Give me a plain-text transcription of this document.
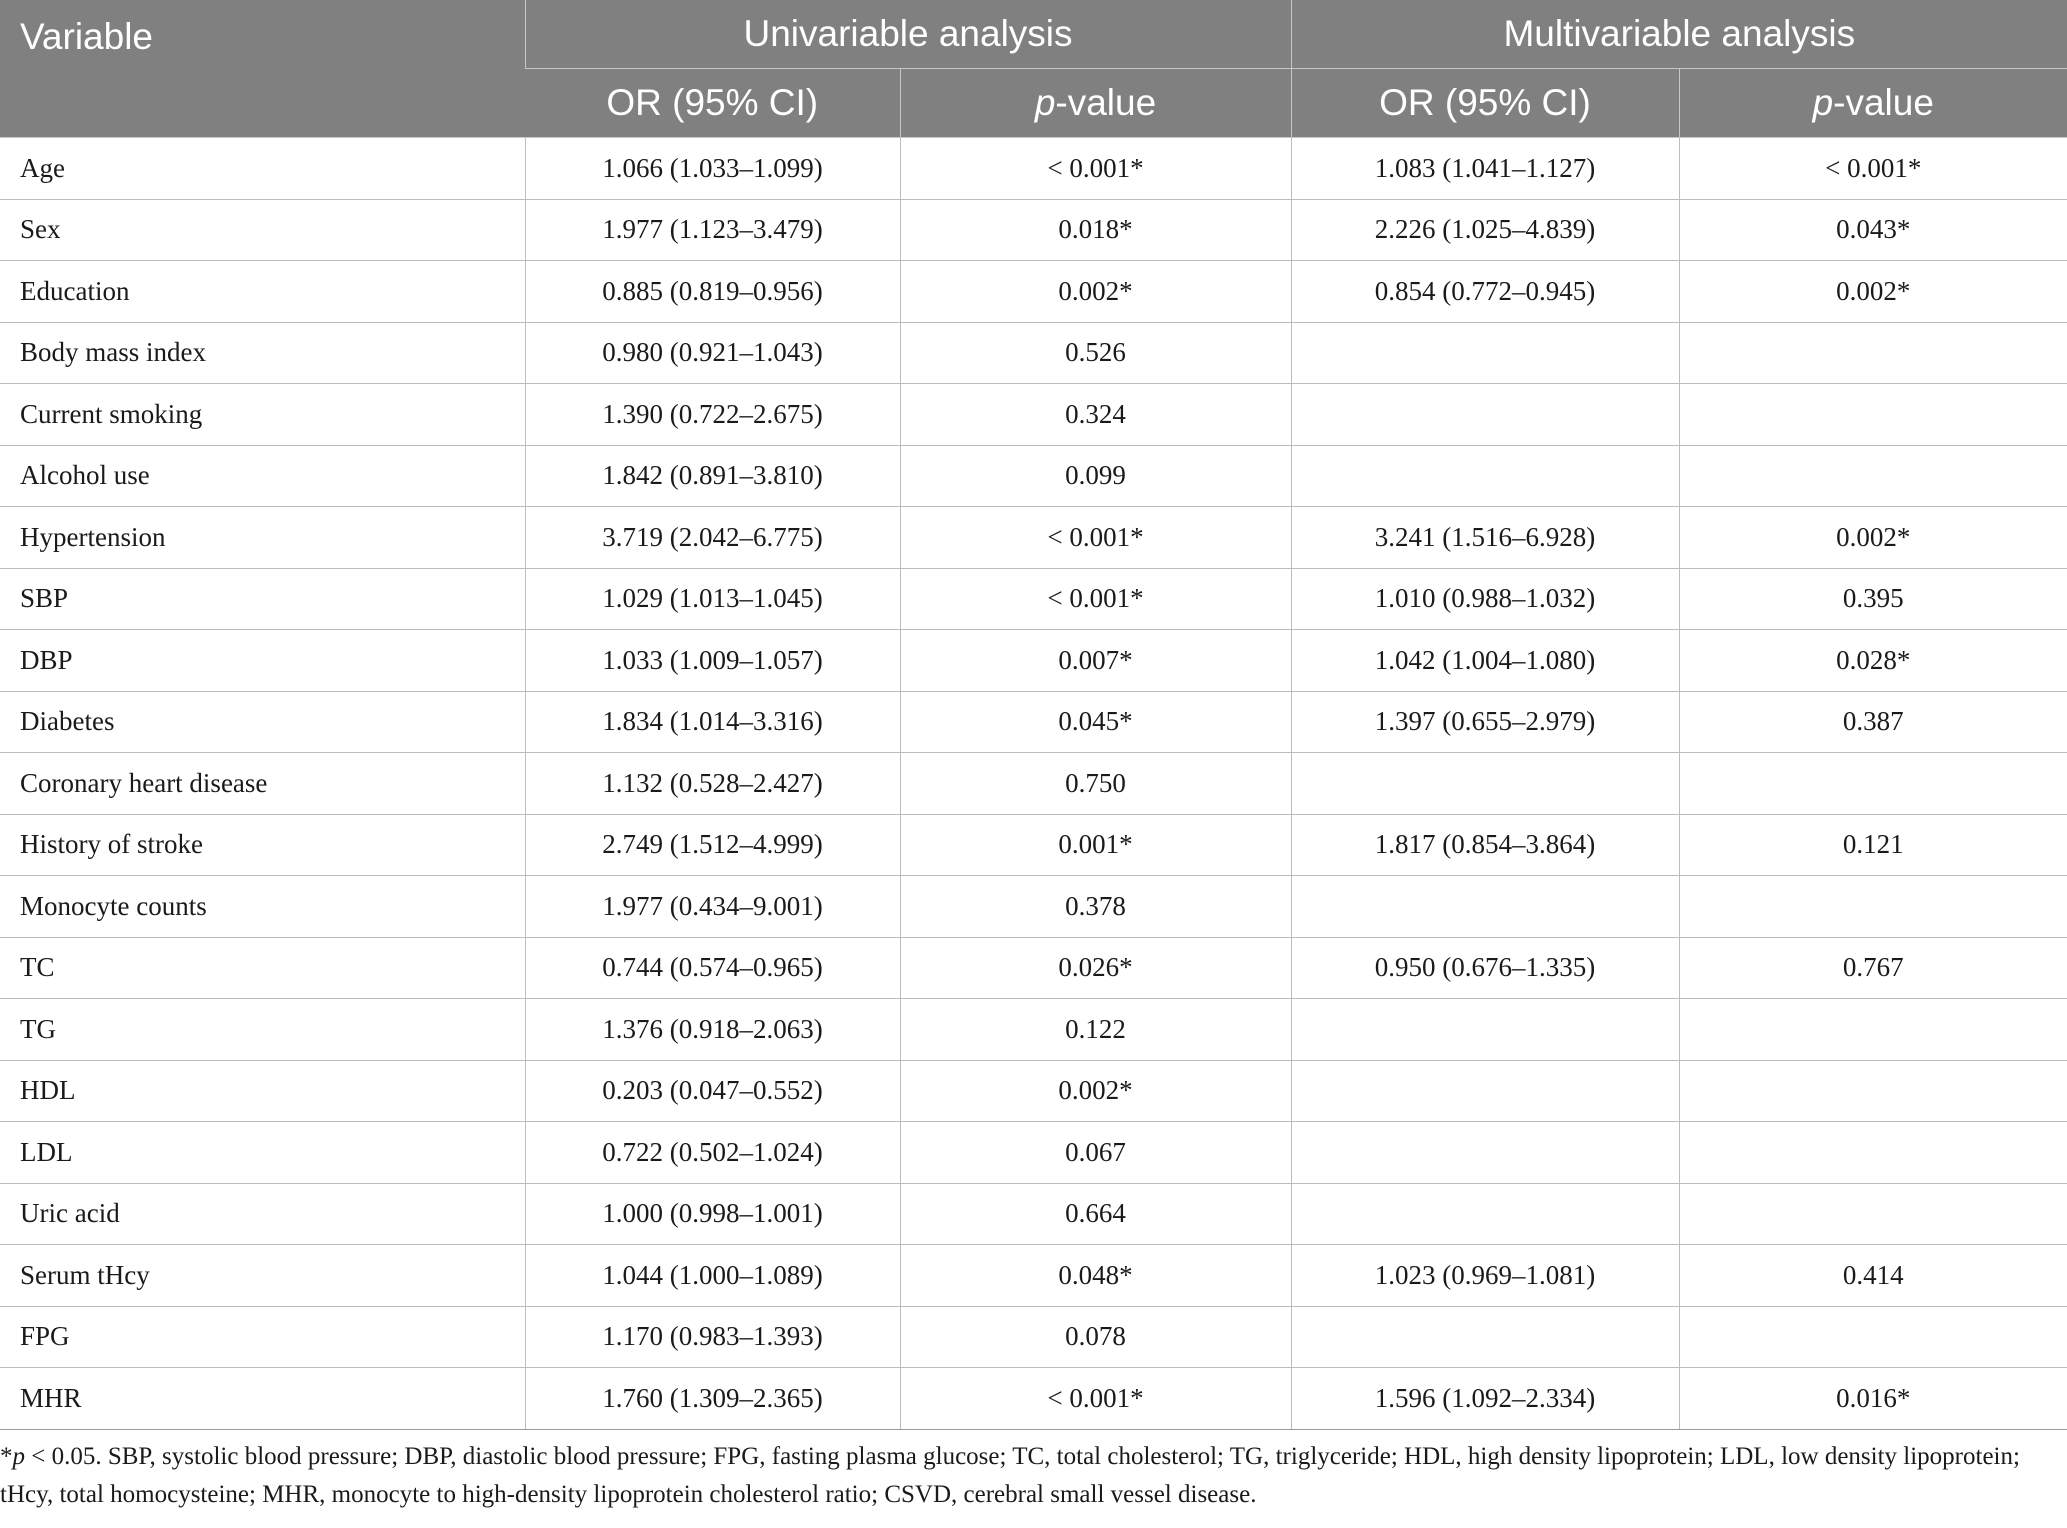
Variable	Univariable analysis		Multivariable analysis	
	OR (95% CI)	p-value	OR (95% CI)	p-value
Age	1.066 (1.033–1.099)	< 0.001*	1.083 (1.041–1.127)	< 0.001*
Sex	1.977 (1.123–3.479)	0.018*	2.226 (1.025–4.839)	0.043*
Education	0.885 (0.819–0.956)	0.002*	0.854 (0.772–0.945)	0.002*
Body mass index	0.980 (0.921–1.043)	0.526		
Current smoking	1.390 (0.722–2.675)	0.324		
Alcohol use	1.842 (0.891–3.810)	0.099		
Hypertension	3.719 (2.042–6.775)	< 0.001*	3.241 (1.516–6.928)	0.002*
SBP	1.029 (1.013–1.045)	< 0.001*	1.010 (0.988–1.032)	0.395
DBP	1.033 (1.009–1.057)	0.007*	1.042 (1.004–1.080)	0.028*
Diabetes	1.834 (1.014–3.316)	0.045*	1.397 (0.655–2.979)	0.387
Coronary heart disease	1.132 (0.528–2.427)	0.750		
History of stroke	2.749 (1.512–4.999)	0.001*	1.817 (0.854–3.864)	0.121
Monocyte counts	1.977 (0.434–9.001)	0.378		
TC	0.744 (0.574–0.965)	0.026*	0.950 (0.676–1.335)	0.767
TG	1.376 (0.918–2.063)	0.122		
HDL	0.203 (0.047–0.552)	0.002*		
LDL	0.722 (0.502–1.024)	0.067		
Uric acid	1.000 (0.998–1.001)	0.664		
Serum tHcy	1.044 (1.000–1.089)	0.048*	1.023 (0.969–1.081)	0.414
FPG	1.170 (0.983–1.393)	0.078		
MHR	1.760 (1.309–2.365)	< 0.001*	1.596 (1.092–2.334)	0.016*
*p < 0.05. SBP, systolic blood pressure; DBP, diastolic blood pressure; FPG, fasting plasma glucose; TC, total cholesterol; TG, triglyceride; HDL, high density lipoprotein; LDL, low density lipoprotein; tHcy, total homocysteine; MHR, monocyte to high-density lipoprotein cholesterol ratio; CSVD, cerebral small vessel disease.
